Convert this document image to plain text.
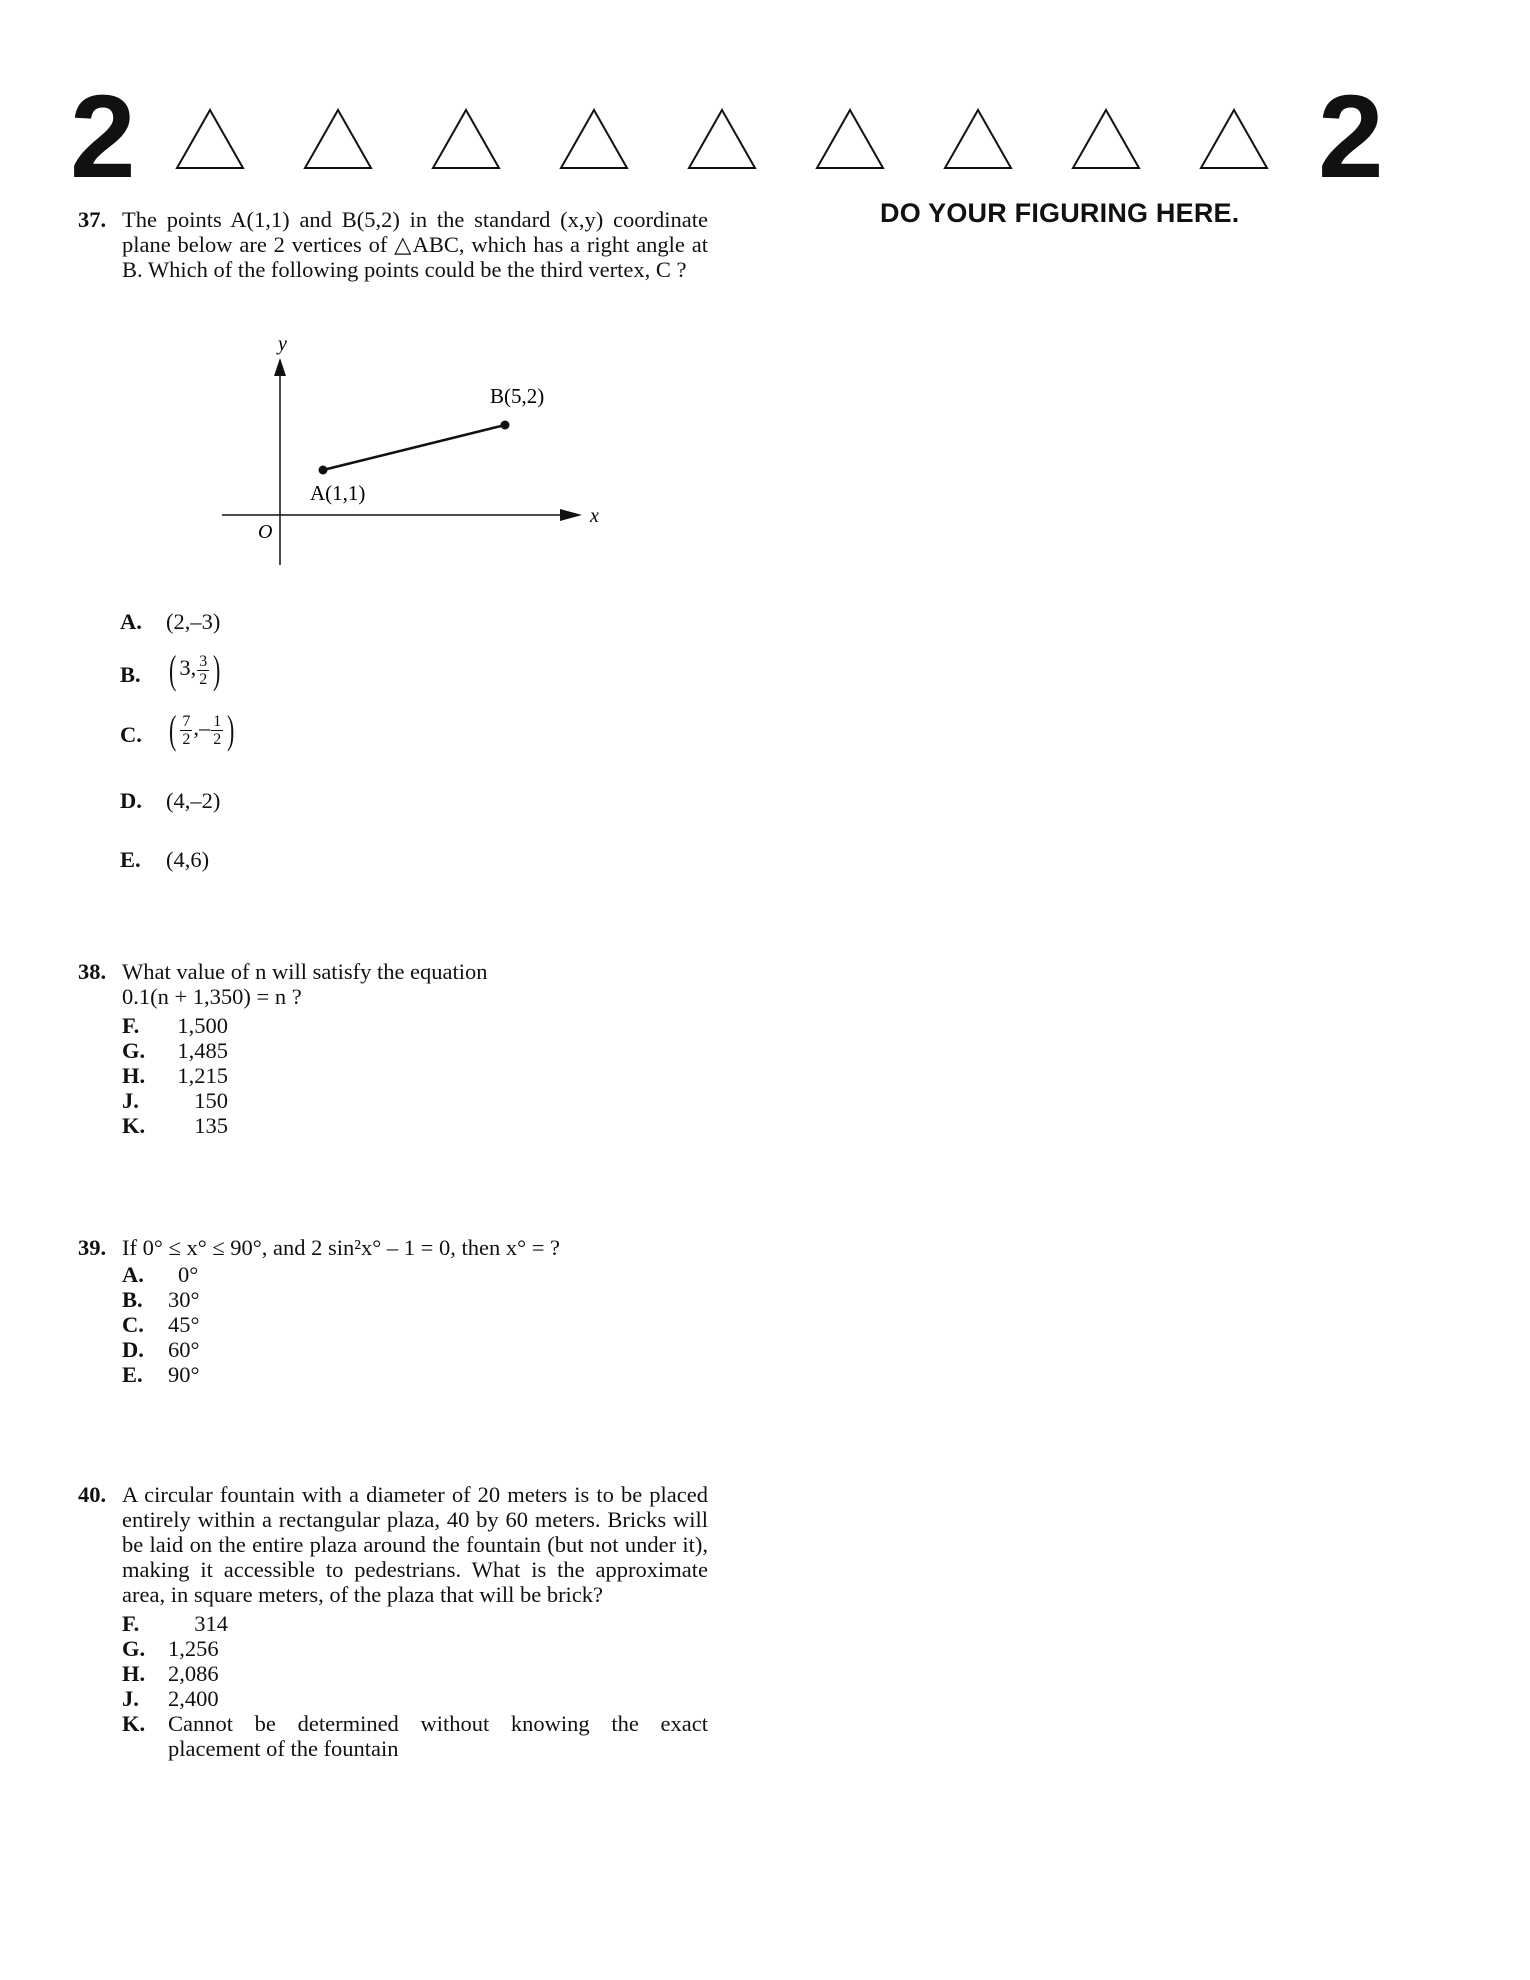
2	2
DO YOUR FIGURING HERE.
37. The points A(1,1) and B(5,2) in the standard (x,y) coordinate plane below are 2 vertices of △ABC, which has a right angle at B. Which of the following points could be the third vertex, C ?
y
x
O
A(1,1)
B(5,2)
A. (2,–3)
B. ( 3, $\frac{3}{2}$ )
C. ( $\frac{7}{2}$ ,– $\frac{1}{2}$ )
D. (4,–2)
E. (4,6)
38. What value of n will satisfy the equation
0.1(n + 1,350) = n ?
F.	1,500
G.	1,485
H.	1,215
J.	150
K.	135
39. If 0° ≤ x° ≤ 90°, and 2 sin²x° – 1 = 0, then x° = ?
A. 0°
B. 30°
C. 45°
D. 60°
E. 90°
40. A circular fountain with a diameter of 20 meters is to be placed entirely within a rectangular plaza, 40 by 60 meters. Bricks will be laid on the entire plaza around the fountain (but not under it), making it accessible to pedestrians. What is the approximate area, in square meters, of the plaza that will be brick?
F.	314
G. 1,256
H. 2,086
J. 2,400
K. Cannot be determined without knowing the exact placement of the fountain
